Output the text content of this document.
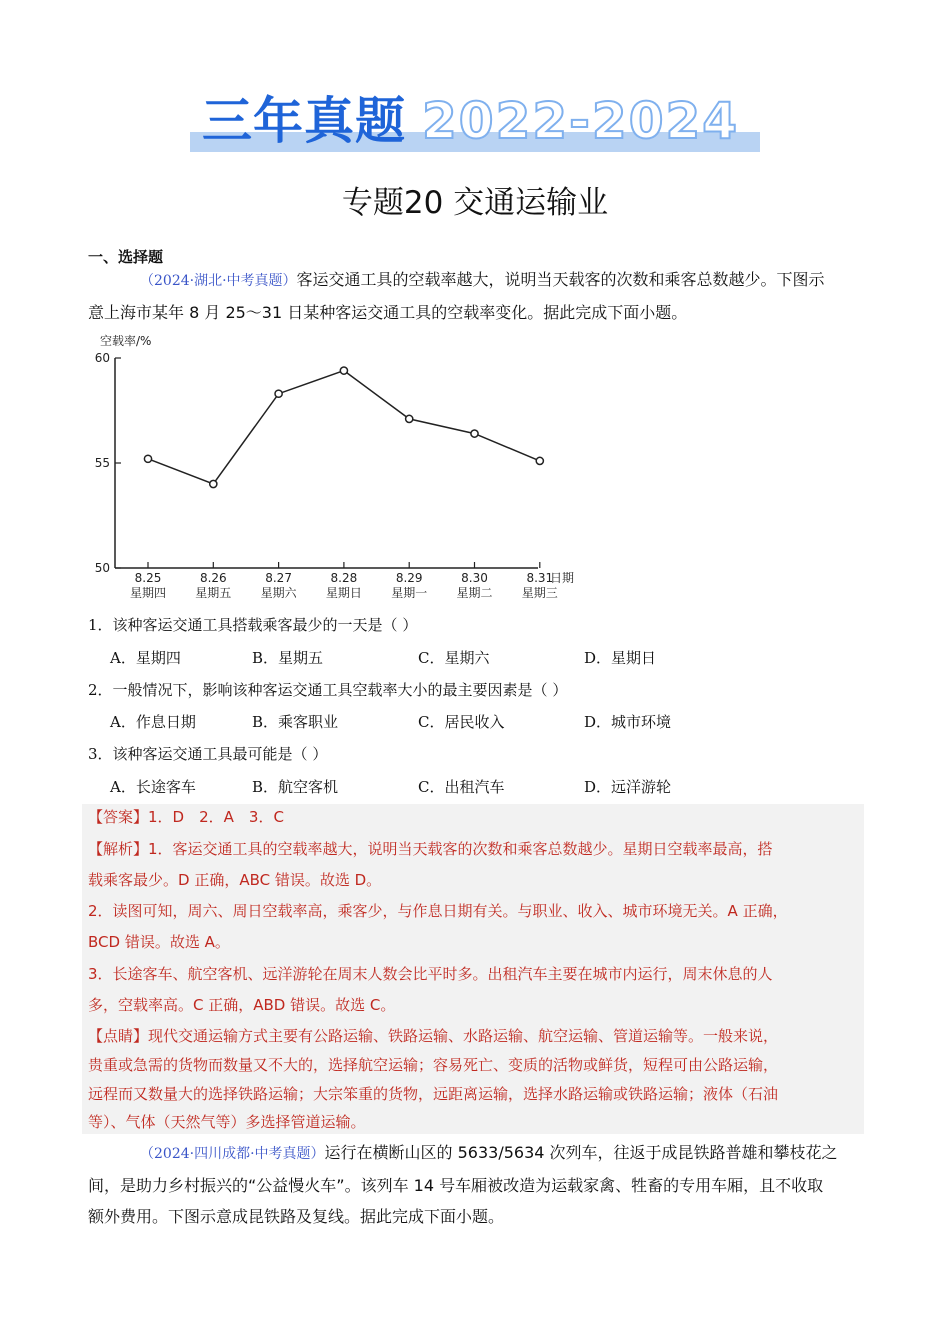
三年真题 2022-2024
专题20 交通运输业
一、选择题
（2024·湖北·中考真题）客运交通工具的空载率越大，说明当天载客的次数和乘客总数越少。下图示
意上海市某年 8 月 25～31 日某种客运交通工具的空载率变化。据此完成下面小题。
空载率/%
60
55
50
8.25
星期四
8.26
星期五
8.27
星期六
8.28
星期日
8.29
星期一
8.30
星期二
8.31
星期三
日期
1．该种客运交通工具搭载乘客最少的一天是（ ）
A．星期四	B．星期五	C．星期六	D．星期日
2．一般情况下，影响该种客运交通工具空载率大小的最主要因素是（ ）
A．作息日期	B．乘客职业	C．居民收入	D．城市环境
3．该种客运交通工具最可能是（ ）
A．长途客车	B．航空客机	C．出租汽车	D．远洋游轮
【答案】1．D　2．A　3．C
【解析】1．客运交通工具的空载率越大，说明当天载客的次数和乘客总数越少。星期日空载率最高，搭
载乘客最少。D 正确，ABC 错误。故选 D。
2．读图可知，周六、周日空载率高，乘客少，与作息日期有关。与职业、收入、城市环境无关。A 正确，
BCD 错误。故选 A。
3．长途客车、航空客机、远洋游轮在周末人数会比平时多。出租汽车主要在城市内运行，周末休息的人
多，空载率高。C 正确，ABD 错误。故选 C。
【点睛】现代交通运输方式主要有公路运输、铁路运输、水路运输、航空运输、管道运输等。一般来说，
贵重或急需的货物而数量又不大的，选择航空运输；容易死亡、变质的活物或鲜货，短程可由公路运输，
远程而又数量大的选择铁路运输；大宗笨重的货物，远距离运输，选择水路运输或铁路运输；液体（石油
等）、气体（天然气等）多选择管道运输。
（2024·四川成都·中考真题）运行在横断山区的 5633/5634 次列车，往返于成昆铁路普雄和攀枝花之
间，是助力乡村振兴的“公益慢火车”。该列车 14 号车厢被改造为运载家禽、牲畜的专用车厢，且不收取
额外费用。下图示意成昆铁路及复线。据此完成下面小题。
